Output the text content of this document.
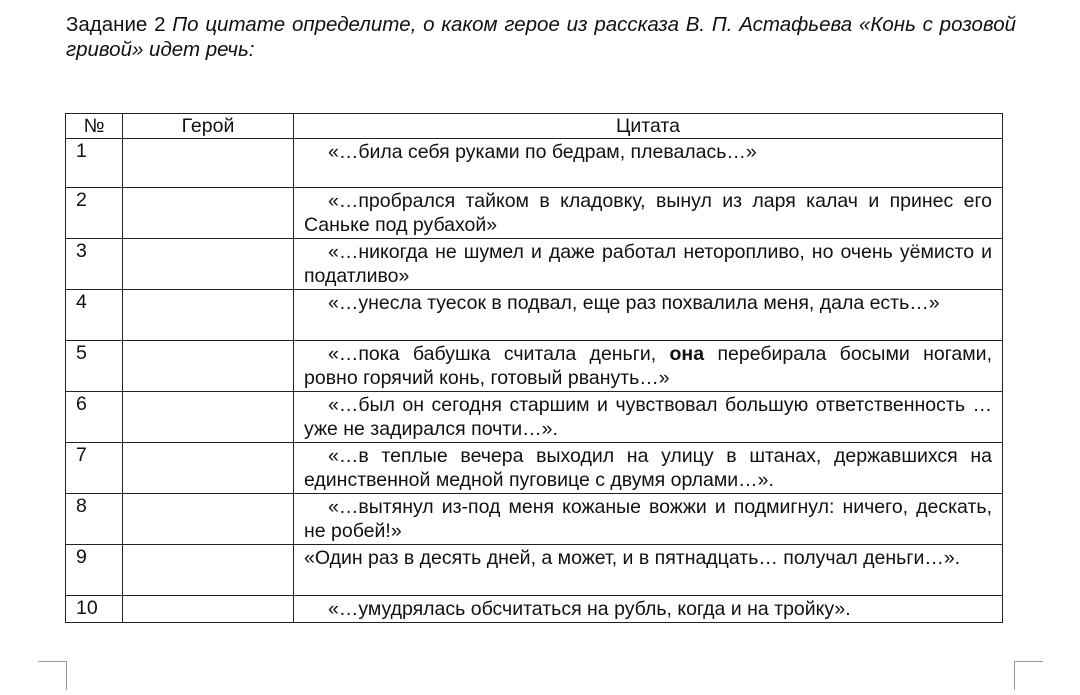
Задание 2 По цитате определите, о каком герое из рассказа В. П. Астафьева «Конь с розовой гривой» идет речь:
№	Герой	Цитата
1		«…била себя руками по бедрам, плевалась…»
2		«…пробрался тайком в кладовку, вынул из ларя калач и принес его Саньке под рубахой»
3		«…никогда не шумел и даже работал неторопливо, но очень уёмисто и податливо»
4		«…унесла туесок в подвал, еще раз похвалила меня, дала есть…»
5		«…пока бабушка считала деньги, она перебирала босыми ногами, ровно горячий конь, готовый рвануть…»
6		«…был он сегодня старшим и чувствовал большую ответственность … уже не задирался почти…».
7		«…в теплые вечера выходил на улицу в штанах, державшихся на единственной медной пуговице с двумя орлами…».
8		«…вытянул из-под меня кожаные вожжи и подмигнул: ничего, дескать, не робей!»
9		«Один раз в десять дней, а может, и в пятнадцать… получал деньги…».
10		«…умудрялась обсчитаться на рубль, когда и на тройку».
